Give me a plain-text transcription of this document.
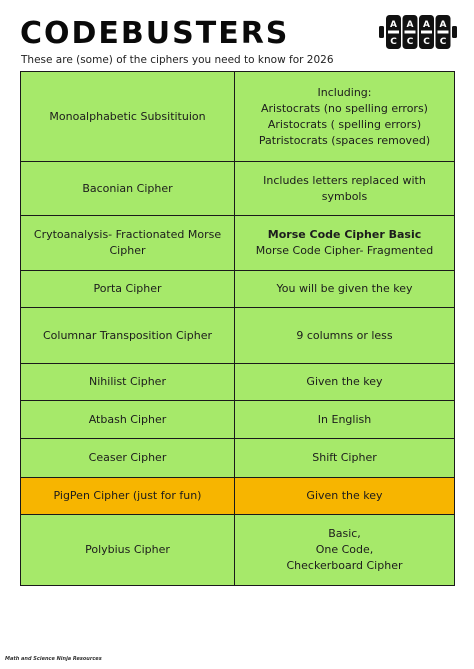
CODEBUSTERS
These are (some) of the ciphers you need to know for 2026
A
C
A
C
A
C
A
C
Monoalphabetic Subsitituion	Including:
Aristocrats (no spelling errors)
Aristocrats ( spelling errors)
Patristocrats (spaces removed)

Baconian Cipher	Includes letters replaced with symbols

Crytoanalysis- Fractionated Morse Cipher	Morse Code Cipher Basic
Morse Code Cipher- Fragmented

Porta Cipher	You will be given the key

Columnar Transposition Cipher	9 columns or less

Nihilist Cipher	Given the key

Atbash Cipher	In English

Ceaser Cipher	Shift Cipher

PigPen Cipher (just for fun)	Given the key

Polybius Cipher	Basic,
One Code,
Checkerboard Cipher
Math and Science Ninja Resources
